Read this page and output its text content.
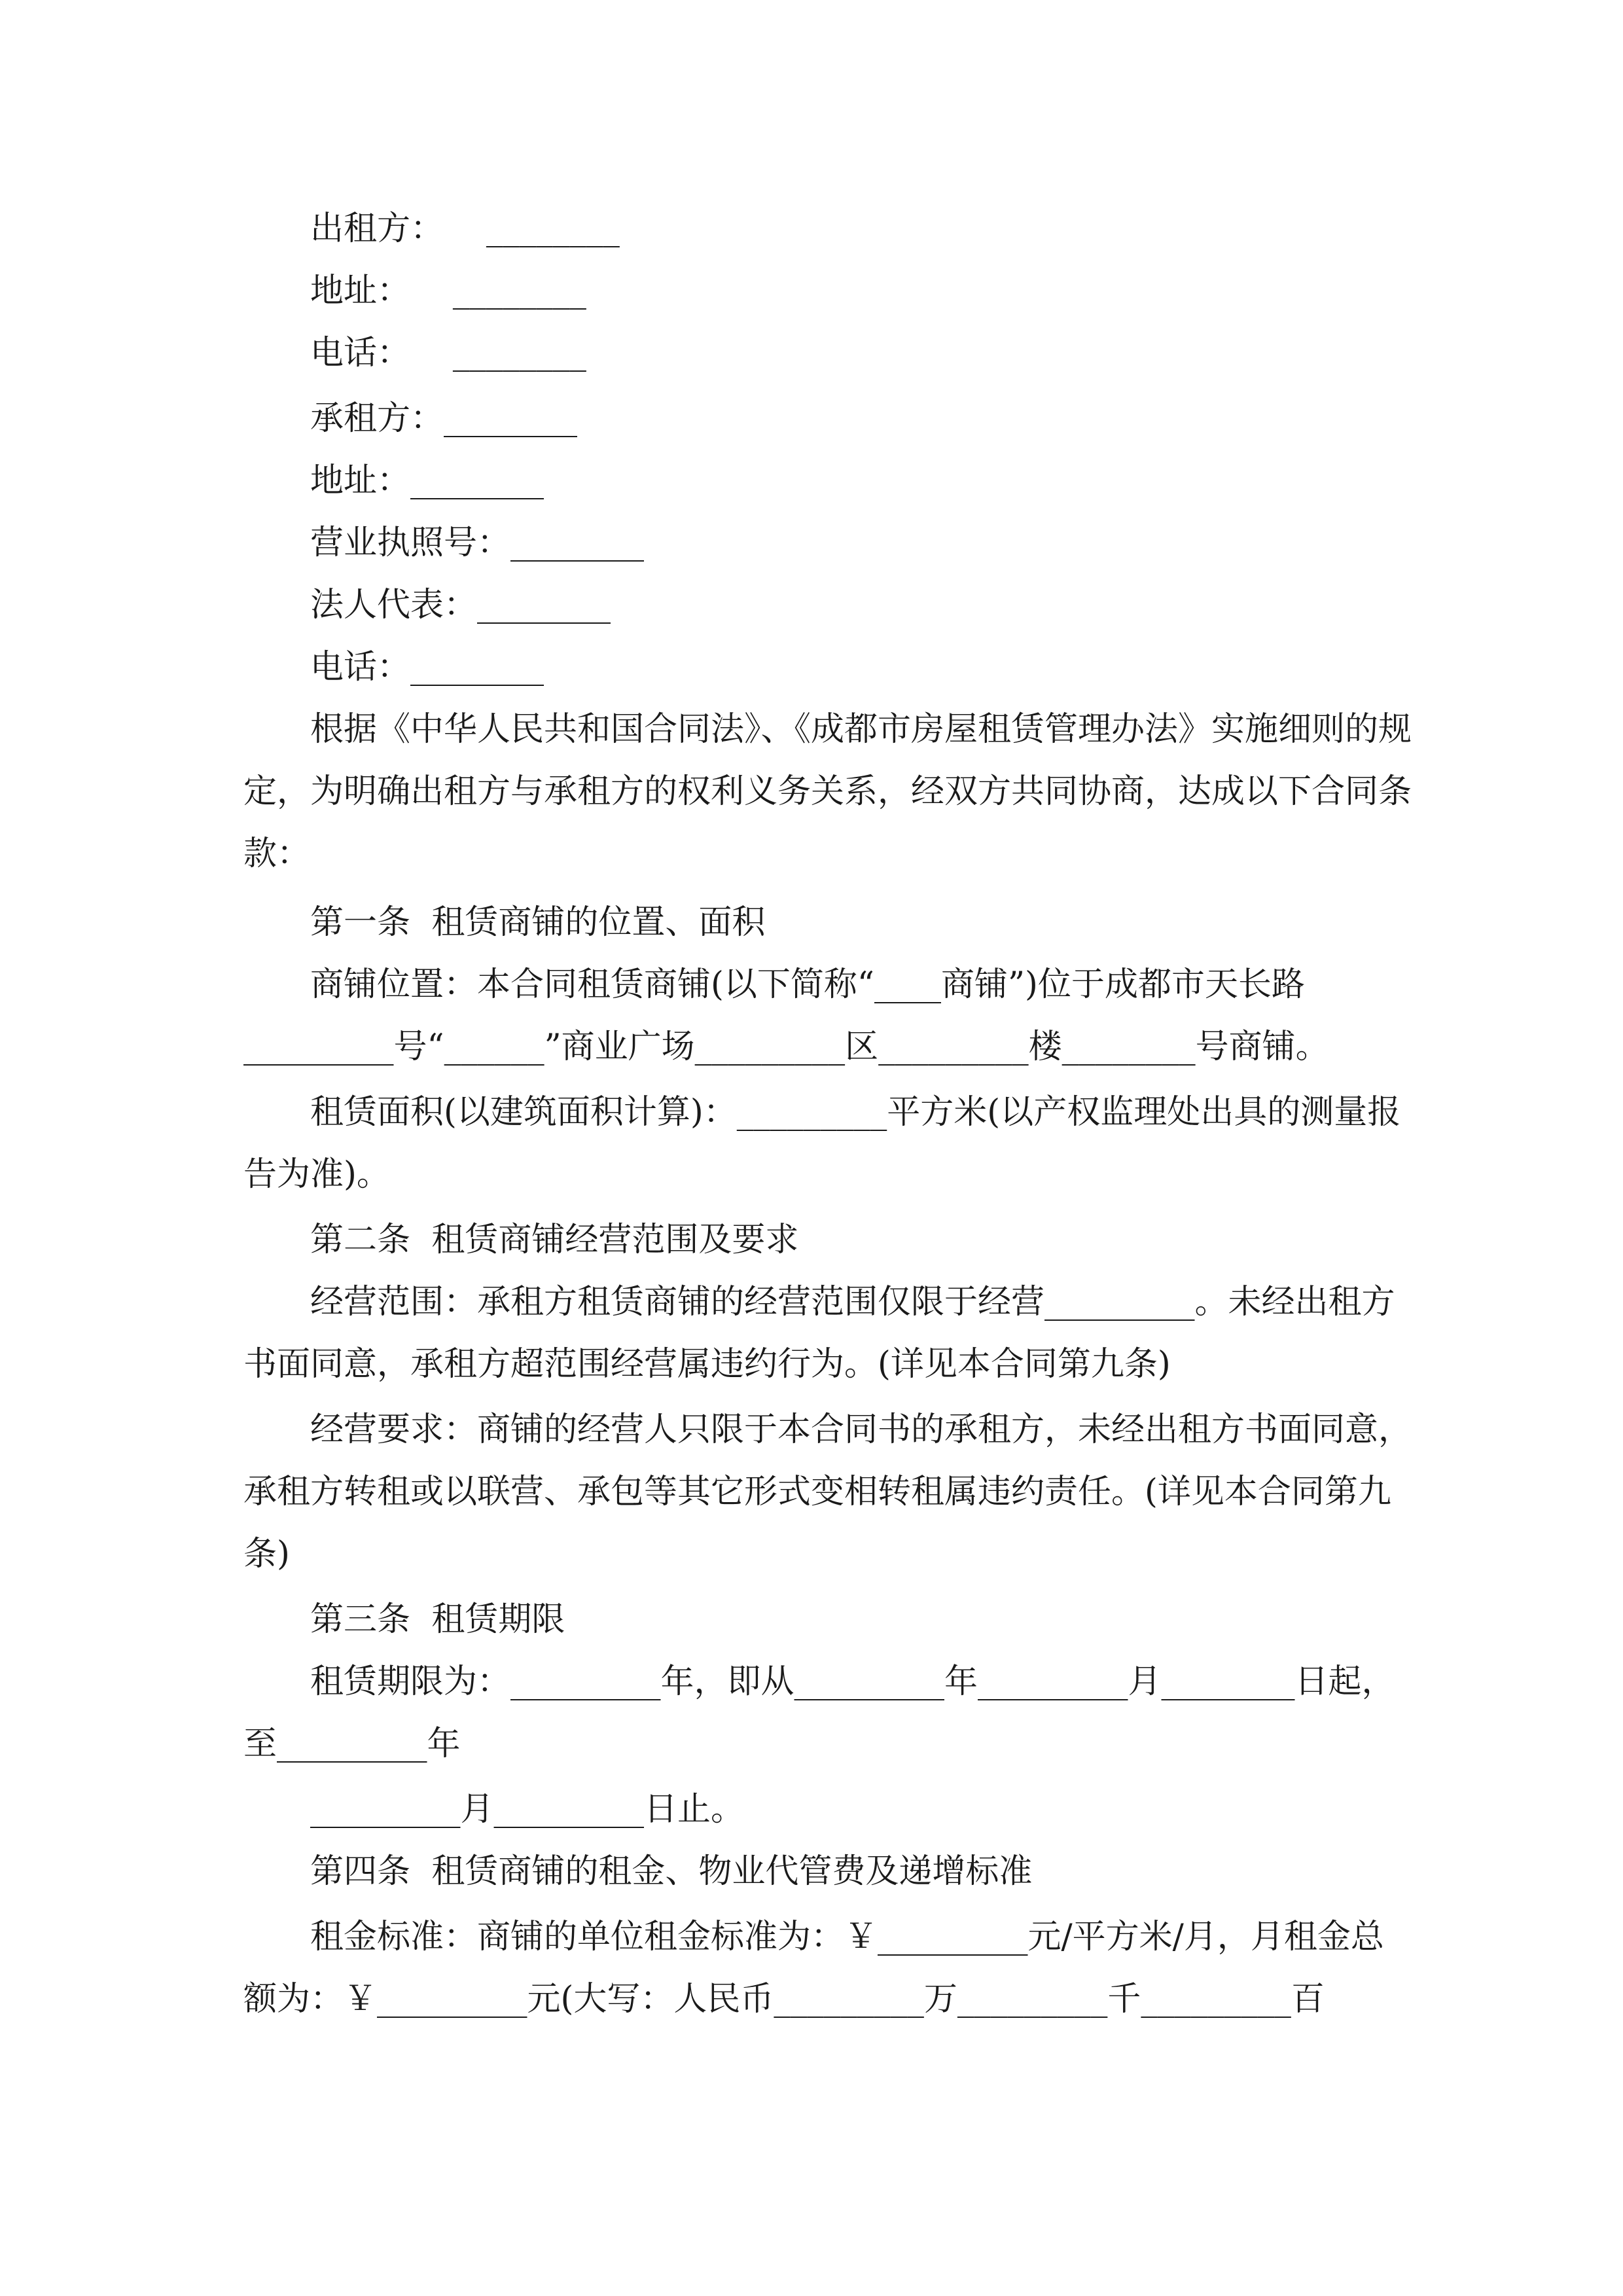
出租方：    ________
地址：    ________
电话：    ________
承租方：________
地址：________
营业执照号：________
法人代表：________
电话：________
根据《中华人民共和国合同法》、《成都市房屋租赁管理办法》实施细则的规
定，为明确出租方与承租方的权利义务关系，经双方共同协商，达成以下合同条
款：
第一条  租赁商铺的位置、面积
商铺位置：本合同租赁商铺(以下简称“____商铺”)位于成都市天长路
_________号“______”商业广场_________区_________楼________号商铺。
租赁面积(以建筑面积计算)：_________平方米(以产权监理处出具的测量报
告为准)。
第二条  租赁商铺经营范围及要求
经营范围：承租方租赁商铺的经营范围仅限于经营_________。未经出租方
书面同意，承租方超范围经营属违约行为。(详见本合同第九条)
经营要求：商铺的经营人只限于本合同书的承租方，未经出租方书面同意，
承租方转租或以联营、承包等其它形式变相转租属违约责任。(详见本合同第九
条)
第三条  租赁期限
租赁期限为：_________年，即从_________年_________月________日起，
至_________年
_________月_________日止。
第四条  租赁商铺的租金、物业代管费及递增标准
租金标准：商铺的单位租金标准为：￥_________元/平方米/月，月租金总
额为：￥_________元(大写：人民币_________万_________千_________百
